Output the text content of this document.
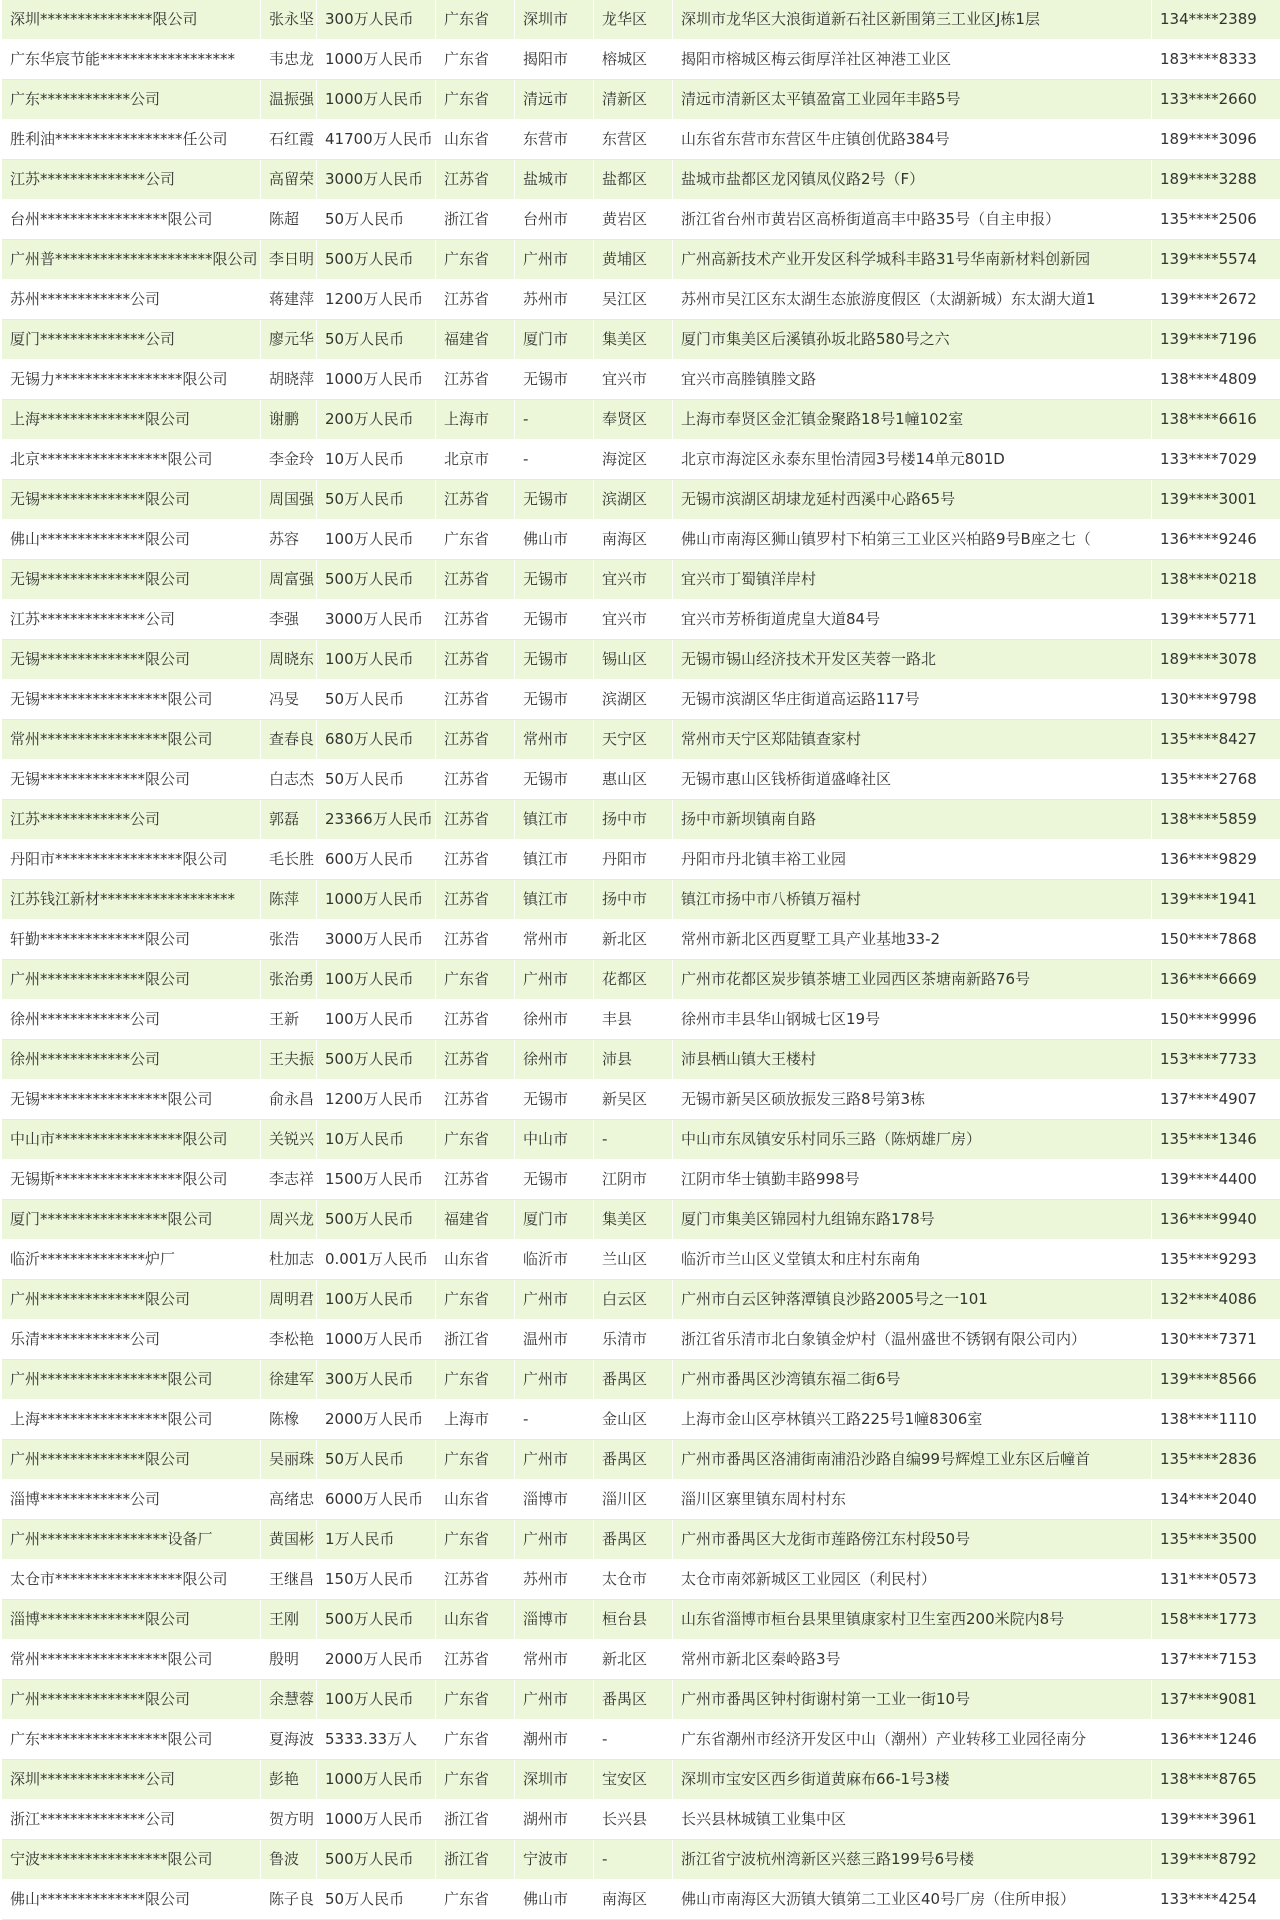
深圳***************限公司	张永坚	300万人民币	广东省	深圳市	龙华区	深圳市龙华区大浪街道新石社区新围第三工业区J栋1层	134****2389
广东华宸节能******************	韦忠龙	1000万人民币	广东省	揭阳市	榕城区	揭阳市榕城区梅云街厚洋社区神港工业区	183****8333
广东************公司	温振强	1000万人民币	广东省	清远市	清新区	清远市清新区太平镇盈富工业园年丰路5号	133****2660
胜利油*****************任公司	石红霞	41700万人民币	山东省	东营市	东营区	山东省东营市东营区牛庄镇创优路384号	189****3096
江苏**************公司	高留荣	3000万人民币	江苏省	盐城市	盐都区	盐城市盐都区龙冈镇凤仪路2号（F）	189****3288
台州*****************限公司	陈超	50万人民币	浙江省	台州市	黄岩区	浙江省台州市黄岩区高桥街道高丰中路35号（自主申报）	135****2506
广州普*********************限公司	李日明	500万人民币	广东省	广州市	黄埔区	广州高新技术产业开发区科学城科丰路31号华南新材料创新园	139****5574
苏州************公司	蒋建萍	1200万人民币	江苏省	苏州市	吴江区	苏州市吴江区东太湖生态旅游度假区（太湖新城）东太湖大道1	139****2672
厦门**************公司	廖元华	50万人民币	福建省	厦门市	集美区	厦门市集美区后溪镇孙坂北路580号之六	139****7196
无锡力*****************限公司	胡晓萍	1000万人民币	江苏省	无锡市	宜兴市	宜兴市高塍镇塍文路	138****4809
上海**************限公司	谢鹏	200万人民币	上海市	-	奉贤区	上海市奉贤区金汇镇金聚路18号1幢102室	138****6616
北京*****************限公司	李金玲	10万人民币	北京市	-	海淀区	北京市海淀区永泰东里怡清园3号楼14单元801D	133****7029
无锡**************限公司	周国强	50万人民币	江苏省	无锡市	滨湖区	无锡市滨湖区胡埭龙延村西溪中心路65号	139****3001
佛山**************限公司	苏容	100万人民币	广东省	佛山市	南海区	佛山市南海区狮山镇罗村下柏第三工业区兴柏路9号B座之七（	136****9246
无锡**************限公司	周富强	500万人民币	江苏省	无锡市	宜兴市	宜兴市丁蜀镇洋岸村	138****0218
江苏**************公司	李强	3000万人民币	江苏省	无锡市	宜兴市	宜兴市芳桥街道虎皇大道84号	139****5771
无锡**************限公司	周晓东	100万人民币	江苏省	无锡市	锡山区	无锡市锡山经济技术开发区芙蓉一路北	189****3078
无锡*****************限公司	冯旻	50万人民币	江苏省	无锡市	滨湖区	无锡市滨湖区华庄街道高运路117号	130****9798
常州*****************限公司	查春良	680万人民币	江苏省	常州市	天宁区	常州市天宁区郑陆镇查家村	135****8427
无锡**************限公司	白志杰	50万人民币	江苏省	无锡市	惠山区	无锡市惠山区钱桥街道盛峰社区	135****2768
江苏************公司	郭磊	23366万人民币	江苏省	镇江市	扬中市	扬中市新坝镇南自路	138****5859
丹阳市*****************限公司	毛长胜	600万人民币	江苏省	镇江市	丹阳市	丹阳市丹北镇丰裕工业园	136****9829
江苏钱江新材******************	陈萍	1000万人民币	江苏省	镇江市	扬中市	镇江市扬中市八桥镇万福村	139****1941
轩勤**************限公司	张浩	3000万人民币	江苏省	常州市	新北区	常州市新北区西夏墅工具产业基地33-2	150****7868
广州**************限公司	张治勇	100万人民币	广东省	广州市	花都区	广州市花都区炭步镇茶塘工业园西区茶塘南新路76号	136****6669
徐州************公司	王新	100万人民币	江苏省	徐州市	丰县	徐州市丰县华山钢城七区19号	150****9996
徐州************公司	王夫振	500万人民币	江苏省	徐州市	沛县	沛县栖山镇大王楼村	153****7733
无锡*****************限公司	俞永昌	1200万人民币	江苏省	无锡市	新吴区	无锡市新吴区硕放振发三路8号第3栋	137****4907
中山市*****************限公司	关锐兴	10万人民币	广东省	中山市	-	中山市东凤镇安乐村同乐三路（陈炳雄厂房）	135****1346
无锡斯*****************限公司	李志祥	1500万人民币	江苏省	无锡市	江阴市	江阴市华士镇勤丰路998号	139****4400
厦门*****************限公司	周兴龙	500万人民币	福建省	厦门市	集美区	厦门市集美区锦园村九组锦东路178号	136****9940
临沂**************炉厂	杜加志	0.001万人民币	山东省	临沂市	兰山区	临沂市兰山区义堂镇太和庄村东南角	135****9293
广州**************限公司	周明君	100万人民币	广东省	广州市	白云区	广州市白云区钟落潭镇良沙路2005号之一101	132****4086
乐清************公司	李松艳	1000万人民币	浙江省	温州市	乐清市	浙江省乐清市北白象镇金炉村（温州盛世不锈钢有限公司内）	130****7371
广州*****************限公司	徐建军	300万人民币	广东省	广州市	番禺区	广州市番禺区沙湾镇东福二街6号	139****8566
上海*****************限公司	陈橡	2000万人民币	上海市	-	金山区	上海市金山区亭林镇兴工路225号1幢8306室	138****1110
广州**************限公司	吴丽珠	50万人民币	广东省	广州市	番禺区	广州市番禺区洛浦街南浦沿沙路自编99号辉煌工业东区后幢首	135****2836
淄博************公司	高绪忠	6000万人民币	山东省	淄博市	淄川区	淄川区寨里镇东周村村东	134****2040
广州*****************设备厂	黄国彬	1万人民币	广东省	广州市	番禺区	广州市番禺区大龙街市莲路傍江东村段50号	135****3500
太仓市*****************限公司	王继昌	150万人民币	江苏省	苏州市	太仓市	太仓市南郊新城区工业园区（利民村）	131****0573
淄博**************限公司	王刚	500万人民币	山东省	淄博市	桓台县	山东省淄博市桓台县果里镇康家村卫生室西200米院内8号	158****1773
常州*****************限公司	殷明	2000万人民币	江苏省	常州市	新北区	常州市新北区秦岭路3号	137****7153
广州**************限公司	余慧蓉	100万人民币	广东省	广州市	番禺区	广州市番禺区钟村街谢村第一工业一街10号	137****9081
广东*****************限公司	夏海波	5333.33万人	广东省	潮州市	-	广东省潮州市经济开发区中山（潮州）产业转移工业园径南分	136****1246
深圳**************公司	彭艳	1000万人民币	广东省	深圳市	宝安区	深圳市宝安区西乡街道黄麻布66-1号3楼	138****8765
浙江**************公司	贺方明	1000万人民币	浙江省	湖州市	长兴县	长兴县林城镇工业集中区	139****3961
宁波*****************限公司	鲁波	500万人民币	浙江省	宁波市	-	浙江省宁波杭州湾新区兴慈三路199号6号楼	139****8792
佛山**************限公司	陈子良	50万人民币	广东省	佛山市	南海区	佛山市南海区大沥镇大镇第二工业区40号厂房（住所申报）	133****4254
